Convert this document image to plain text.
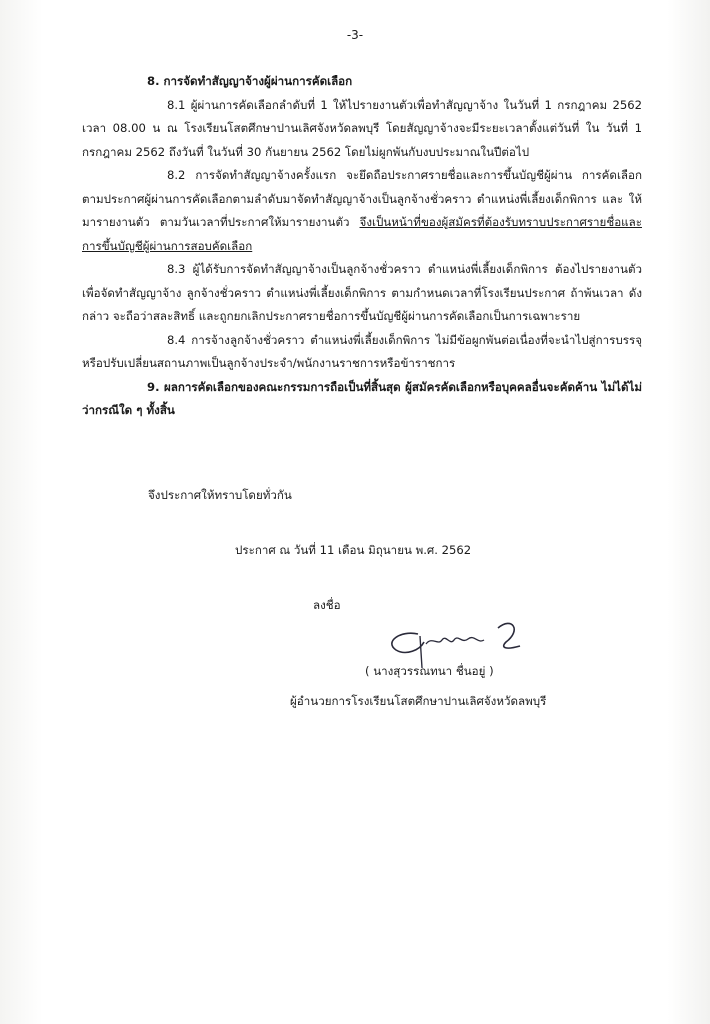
-3-

8. การจัดทำสัญญาจ้างผู้ผ่านการคัดเลือก

8.1 ผู้ผ่านการคัดเลือกลำดับที่ 1 ให้ไปรายงานตัวเพื่อทำสัญญาจ้าง ในวันที่ 1 กรกฎาคม 2562 เวลา 08.00 น ณ โรงเรียนโสตศึกษาปานเลิศจังหวัดลพบุรี โดยสัญญาจ้างจะมีระยะเวลาตั้งแต่วันที่ ใน วันที่ 1 กรกฎาคม 2562 ถึงวันที่ ในวันที่ 30 กันยายน 2562 โดยไม่ผูกพันกับงบประมาณในปีต่อไป

8.2 การจัดทำสัญญาจ้างครั้งแรก จะยึดถือประกาศรายชื่อและการขึ้นบัญชีผู้ผ่าน การคัดเลือก ตามประกาศผู้ผ่านการคัดเลือกตามลำดับมาจัดทำสัญญาจ้างเป็นลูกจ้างชั่วคราว ตำแหน่งพี่เลี้ยงเด็กพิการ และ ให้มารายงานตัว ตามวันเวลาที่ประกาศให้มารายงานตัว จึงเป็นหน้าที่ของผู้สมัครที่ต้องรับทราบประกาศรายชื่อและการขึ้นบัญชีผู้ผ่านการสอบคัดเลือก

8.3 ผู้ได้รับการจัดทำสัญญาจ้างเป็นลูกจ้างชั่วคราว ตำแหน่งพี่เลี้ยงเด็กพิการ ต้องไปรายงานตัว เพื่อจัดทำสัญญาจ้าง ลูกจ้างชั่วคราว ตำแหน่งพี่เลี้ยงเด็กพิการ ตามกำหนดเวลาที่โรงเรียนประกาศ ถ้าพ้นเวลา ดังกล่าว จะถือว่าสละสิทธิ์ และถูกยกเลิกประกาศรายชื่อการขึ้นบัญชีผู้ผ่านการคัดเลือกเป็นการเฉพาะราย

8.4 การจ้างลูกจ้างชั่วคราว ตำแหน่งพี่เลี้ยงเด็กพิการ ไม่มีข้อผูกพันต่อเนื่องที่จะนำไปสู่การบรรจุ หรือปรับเปลี่ยนสถานภาพเป็นลูกจ้างประจำ/พนักงานราชการหรือข้าราชการ

9. ผลการคัดเลือกของคณะกรรมการถือเป็นที่สิ้นสุด ผู้สมัครคัดเลือกหรือบุคคลอื่นจะคัดค้าน ไม่ได้ไม่ว่ากรณีใด ๆ ทั้งสิ้น

จึงประกาศให้ทราบโดยทั่วกัน
ประกาศ ณ วันที่ 11 เดือน มิถุนายน พ.ศ. 2562
ลงชื่อ
( นางสุวรรณทนา ชื่นอยู่ )
ผู้อำนวยการโรงเรียนโสตศึกษาปานเลิศจังหวัดลพบุรี
